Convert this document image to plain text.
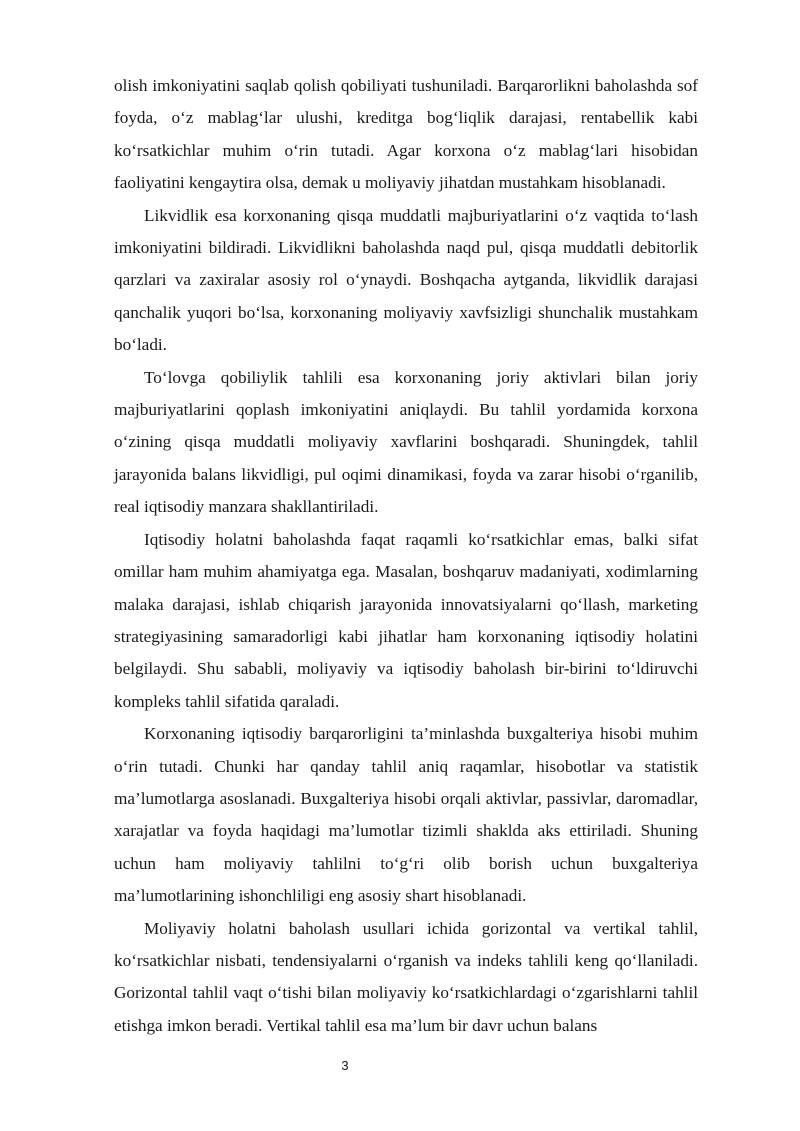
olish imkoniyatini saqlab qolish qobiliyati tushuniladi. Barqarorlikni baholashda sof foyda, o‘z mablag‘lar ulushi, kreditga bog‘liqlik darajasi, rentabellik kabi ko‘rsatkichlar muhim o‘rin tutadi. Agar korxona o‘z mablag‘lari hisobidan faoliyatini kengaytira olsa, demak u moliyaviy jihatdan mustahkam hisoblanadi.

Likvidlik esa korxonaning qisqa muddatli majburiyatlarini o‘z vaqtida to‘lash imkoniyatini bildiradi. Likvidlikni baholashda naqd pul, qisqa muddatli debitorlik qarzlari va zaxiralar asosiy rol o‘ynaydi. Boshqacha aytganda, likvidlik darajasi qanchalik yuqori bo‘lsa, korxonaning moliyaviy xavfsizligi shunchalik mustahkam bo‘ladi.

To‘lovga qobiliylik tahlili esa korxonaning joriy aktivlari bilan joriy majburiyatlarini qoplash imkoniyatini aniqlaydi. Bu tahlil yordamida korxona o‘zining qisqa muddatli moliyaviy xavflarini boshqaradi. Shuningdek, tahlil jarayonida balans likvidligi, pul oqimi dinamikasi, foyda va zarar hisobi o‘rganilib, real iqtisodiy manzara shakllantiriladi.

Iqtisodiy holatni baholashda faqat raqamli ko‘rsatkichlar emas, balki sifat omillar ham muhim ahamiyatga ega. Masalan, boshqaruv madaniyati, xodimlarning malaka darajasi, ishlab chiqarish jarayonida innovatsiyalarni qo‘llash, marketing strategiyasining samaradorligi kabi jihatlar ham korxonaning iqtisodiy holatini belgilaydi. Shu sababli, moliyaviy va iqtisodiy baholash bir-birini to‘ldiruvchi kompleks tahlil sifatida qaraladi.

Korxonaning iqtisodiy barqarorligini ta’minlashda buxgalteriya hisobi muhim o‘rin tutadi. Chunki har qanday tahlil aniq raqamlar, hisobotlar va statistik ma’lumotlarga asoslanadi. Buxgalteriya hisobi orqali aktivlar, passivlar, daromadlar, xarajatlar va foyda haqidagi ma’lumotlar tizimli shaklda aks ettiriladi. Shuning uchun ham moliyaviy tahlilni to‘g‘ri olib borish uchun buxgalteriya ma’lumotlarining ishonchliligi eng asosiy shart hisoblanadi.

Moliyaviy holatni baholash usullari ichida gorizontal va vertikal tahlil, ko‘rsatkichlar nisbati, tendensiyalarni o‘rganish va indeks tahlili keng qo‘llaniladi. Gorizontal tahlil vaqt o‘tishi bilan moliyaviy ko‘rsatkichlardagi o‘zgarishlarni tahlil etishga imkon beradi. Vertikal tahlil esa ma’lum bir davr uchun balans

3
